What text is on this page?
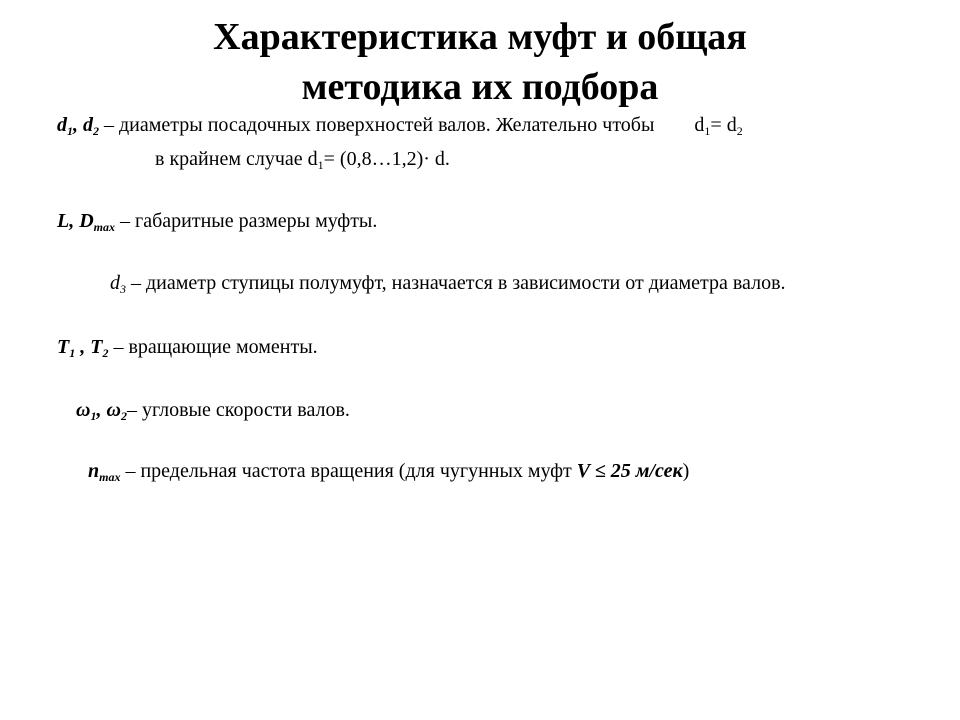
Характеристика муфт и общая
методика их подбора
$d_1$, $d_2$ – диаметры посадочных поверхностей валов. Желательно чтобы $d_1= d_2$
в крайнем случае $d_1=$ (0,8…1,2)· d.
L, $D_{max}$ – габаритные размеры муфты.
$d_3$ – диаметр ступицы полумуфт, назначается в зависимости от диаметра валов.
$T_1$ , $T_2$ – вращающие моменты.
$\omega_1$, $\omega_2-$ угловые скорости валов.
$n_{max}$ – предельная частота вращения (для чугунных муфт V ≤ 25 м/сек)
